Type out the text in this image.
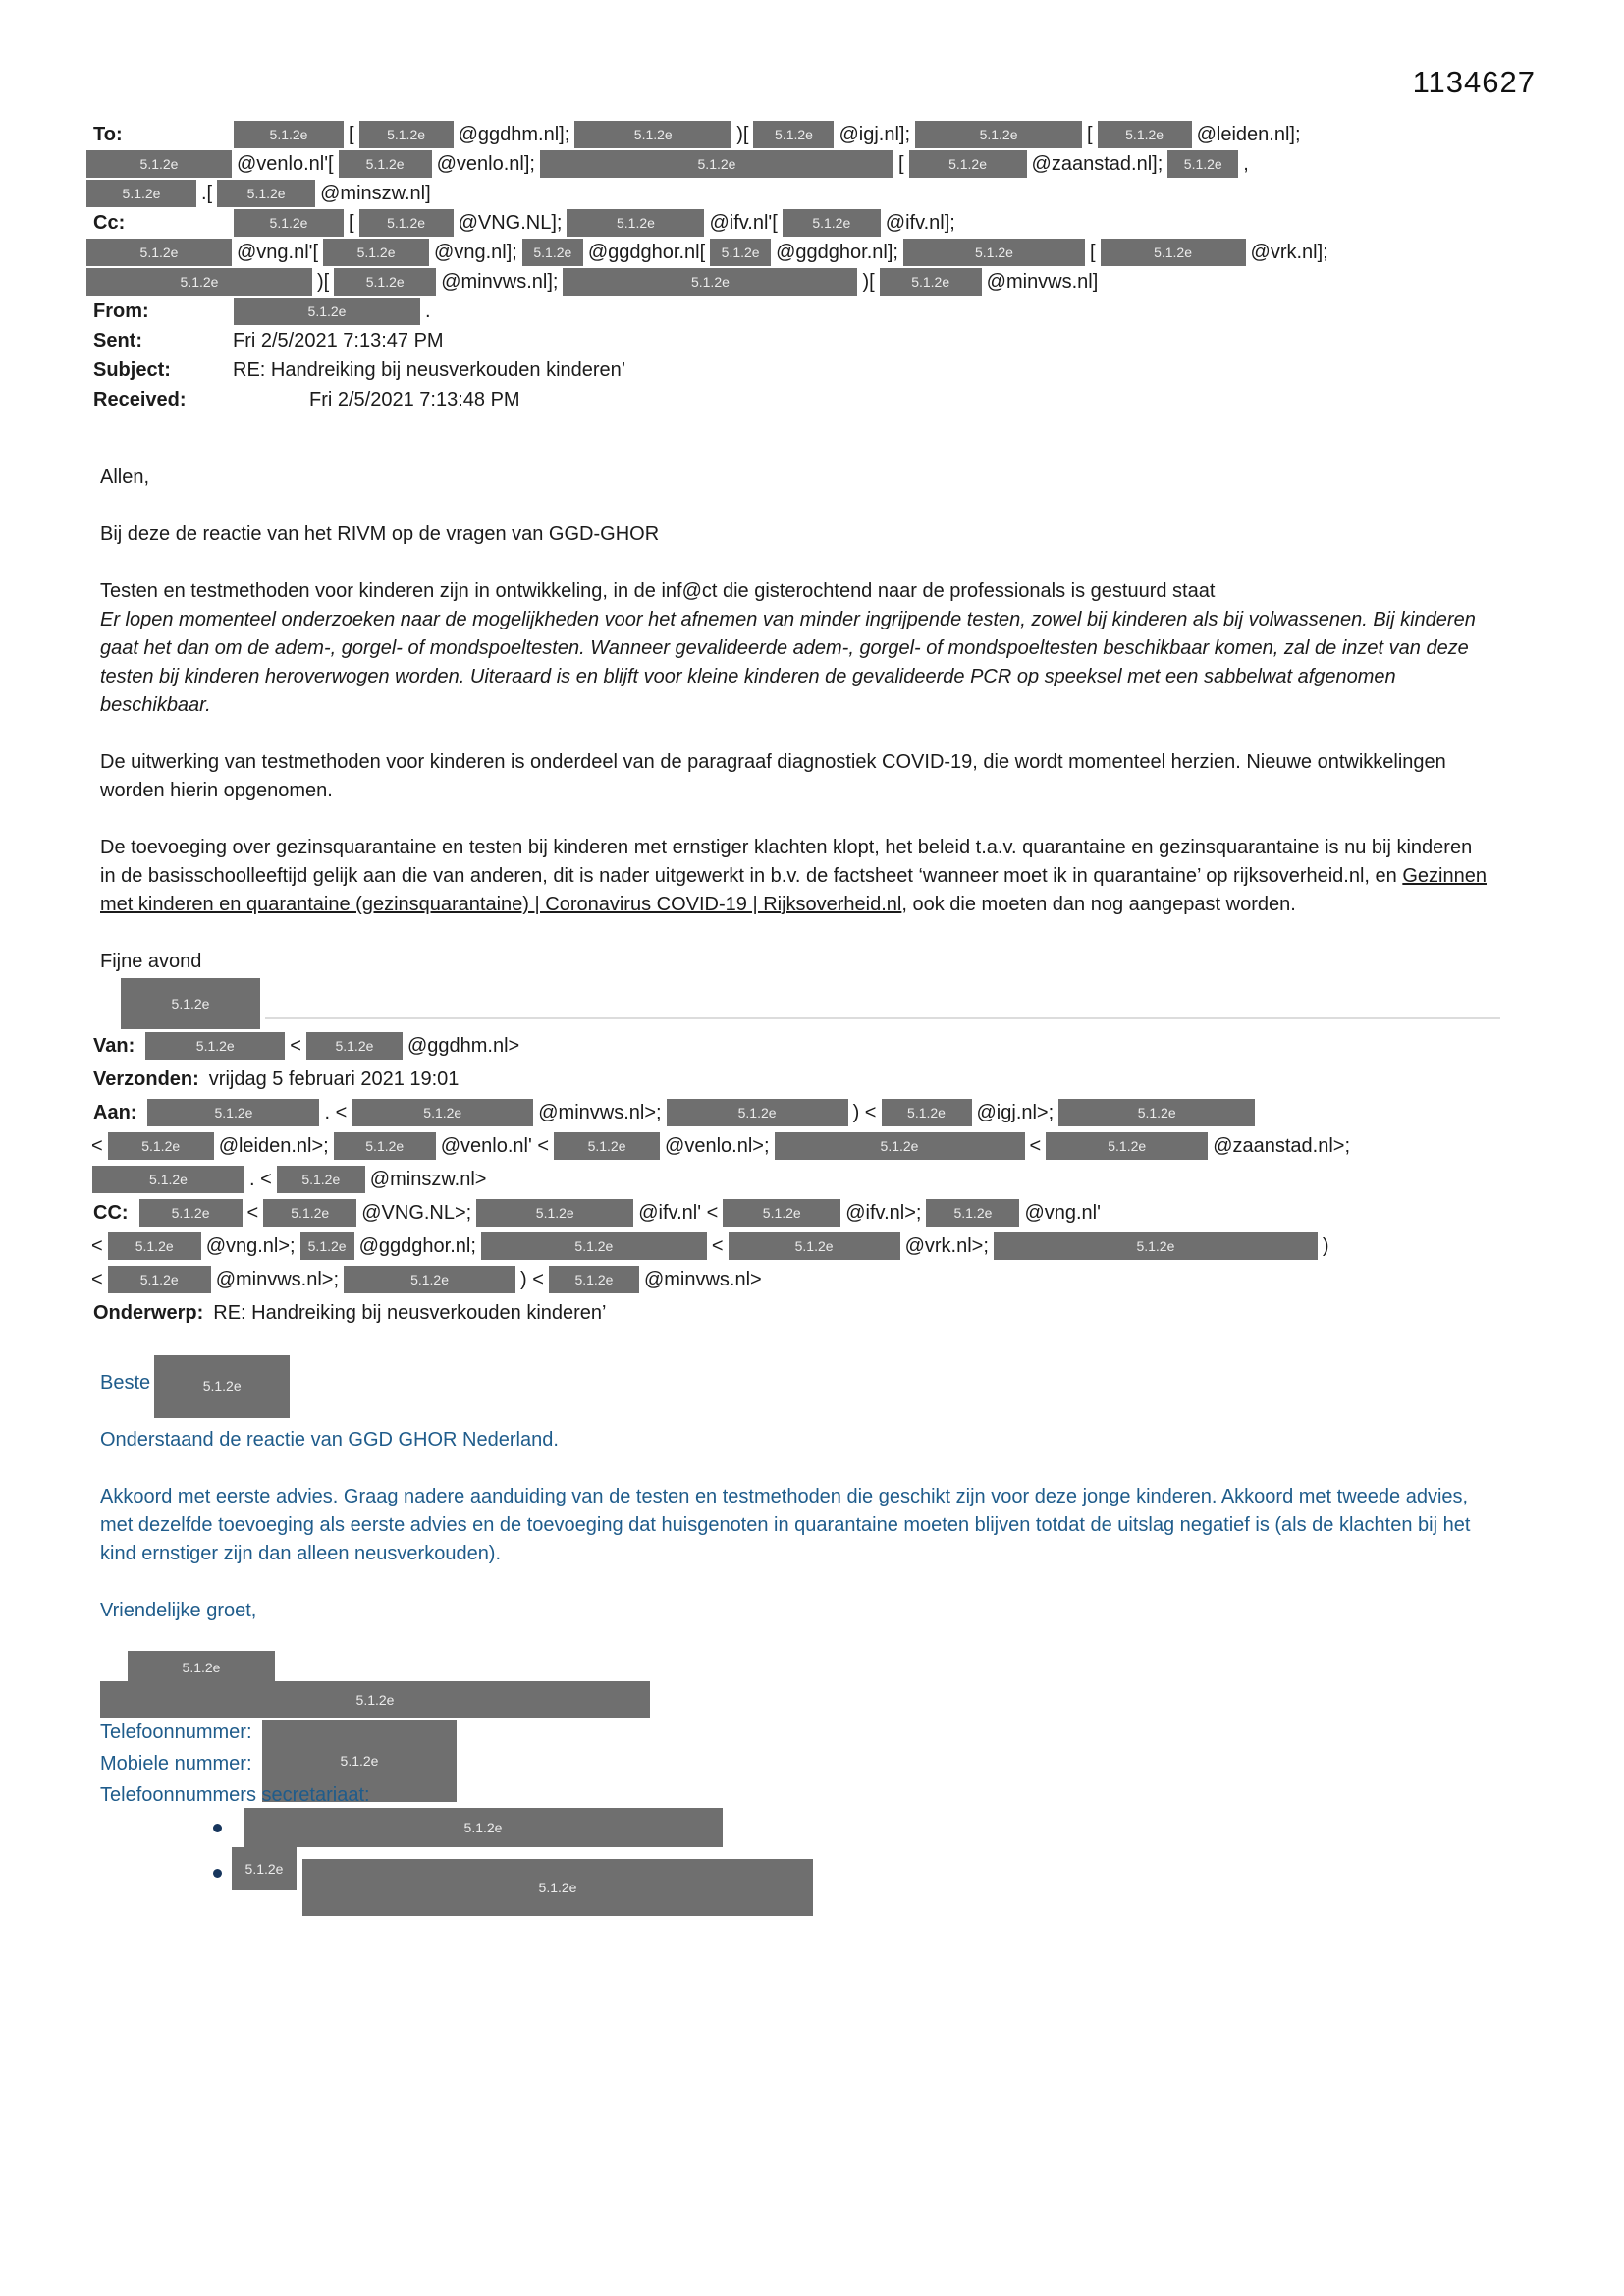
1134627
To:	5.1.2e	[	5.1.2e	@ggdhm.nl];	5.1.2e	)[	5.1.2e	@igj.nl];	5.1.2e	[	5.1.2e	@leiden.nl];
5.1.2e	@venlo.nl'[	5.1.2e	@venlo.nl];	5.1.2e	[	5.1.2e	@zaanstad.nl];	5.1.2e	,
5.1.2e	.[	5.1.2e	@minszw.nl]
Cc:	5.1.2e	[	5.1.2e	@VNG.NL];	5.1.2e	@ifv.nl'[	5.1.2e	@ifv.nl];
5.1.2e	@vng.nl'[	5.1.2e	@vng.nl];	5.1.2e @ggdghor.nl[	5.1.2e @ggdghor.nl];	5.1.2e	[	5.1.2e	@vrk.nl];
5.1.2e	)[	5.1.2e	@minvws.nl];	5.1.2e	)[	5.1.2e	@minvws.nl]
From:	5.1.2e	.
Sent:	Fri 2/5/2021 7:13:47 PM
Subject:	RE: Handreiking bij neusverkouden kinderen’
Received:	Fri 2/5/2021 7:13:48 PM
Allen,
Bij deze de reactie van het RIVM op de vragen van GGD-GHOR
Testen en testmethoden voor kinderen zijn in ontwikkeling, in de inf@ct die gisterochtend naar de professionals is gestuurd staat
Er lopen momenteel onderzoeken naar de mogelijkheden voor het afnemen van minder ingrijpende testen, zowel bij kinderen als bij volwassenen. Bij kinderen gaat het dan om de adem-, gorgel- of mondspoeltesten. Wanneer gevalideerde adem-, gorgel- of mondspoeltesten beschikbaar komen, zal de inzet van deze testen bij kinderen heroverwogen worden. Uiteraard is en blijft voor kleine kinderen de gevalideerde PCR op speeksel met een sabbelwat afgenomen beschikbaar.
De uitwerking van testmethoden voor kinderen is onderdeel van de paragraaf diagnostiek COVID-19, die wordt momenteel herzien. Nieuwe ontwikkelingen worden hierin opgenomen.
De toevoeging over gezinsquarantaine en testen bij kinderen met ernstiger klachten klopt, het beleid t.a.v. quarantaine en gezinsquarantaine is nu bij kinderen in de basisschoolleeftijd gelijk aan die van anderen, dit is nader uitgewerkt in b.v. de factsheet ‘wanneer moet ik in quarantaine’ op rijksoverheid.nl, en Gezinnen met kinderen en quarantaine (gezinsquarantaine) | Coronavirus COVID-19 | Rijksoverheid.nl, ook die moeten dan nog aangepast worden.
Fijne avond
5.1.2e
Van:	5.1.2e	<	5.1.2e	@ggdhm.nl>
Verzonden: vrijdag 5 februari 2021 19:01
Aan:	5.1.2e	. <	5.1.2e	@minvws.nl>;	5.1.2e	) <	5.1.2e	@igj.nl>;	5.1.2e
<	5.1.2e	@leiden.nl>;	5.1.2e	@venlo.nl' <	5.1.2e	@venlo.nl>;	5.1.2e	<	5.1.2e	@zaanstad.nl>;
5.1.2e	. <	5.1.2e	@minszw.nl>
CC:	5.1.2e	<	5.1.2e	@VNG.NL>;	5.1.2e	@ifv.nl' <	5.1.2e	@ifv.nl>;	5.1.2e	@vng.nl'
<	5.1.2e	@vng.nl>; 5.1.2e @ggdghor.nl;	5.1.2e	<	5.1.2e	@vrk.nl>;	5.1.2e	)
<	5.1.2e	@minvws.nl>;	5.1.2e	) <	5.1.2e	@minvws.nl>
Onderwerp: RE: Handreiking bij neusverkouden kinderen’
Beste	5.1.2e
Onderstaand de reactie van GGD GHOR Nederland.
Akkoord met eerste advies. Graag nadere aanduiding van de testen en testmethoden die geschikt zijn voor deze jonge kinderen. Akkoord met tweede advies, met dezelfde toevoeging als eerste advies en de toevoeging dat huisgenoten in quarantaine moeten blijven totdat de uitslag negatief is (als de klachten bij het kind ernstiger zijn dan alleen neusverkouden).
Vriendelijke groet,
5.1.2e
5.1.2e
Telefoonnummer:
5.1.2e
Mobiele nummer:
Telefoonnummers secretariaat:
5.1.2e
5.1.2e
5.1.2e
